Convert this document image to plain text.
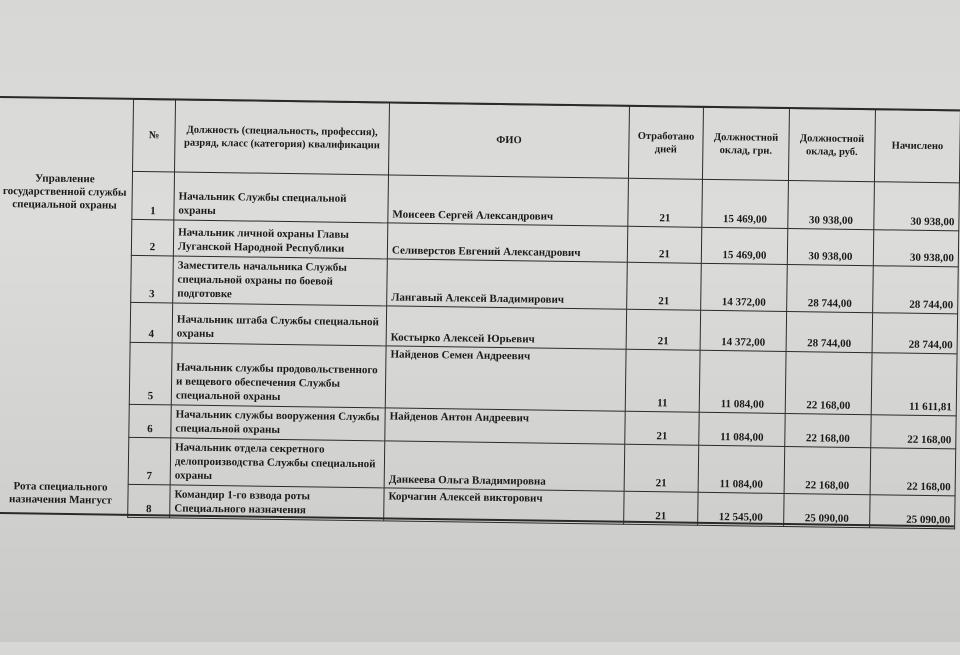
Управление государственной службы специальной охраны
Рота специального назначения Мангуст
№	Должность (специальность, профессия), разряд, класс (категория) квалификации	ФИО	Отработано дней	Должностной оклад, грн.	Должностной оклад, руб.	Начислено
1	Начальник Службы специальной охраны	Моисеев Сергей Александрович	21	15 469,00	30 938,00	30 938,00
2	Начальник личной охраны Главы Луганской Народной Республики	Селиверстов Евгений Александрович	21	15 469,00	30 938,00	30 938,00
3	Заместитель начальника Службы специальной охраны по боевой подготовке	Лангавый Алексей Владимирович	21	14 372,00	28 744,00	28 744,00
4	Начальник штаба Службы специальной охраны	Костырко Алексей Юрьевич	21	14 372,00	28 744,00	28 744,00
5	Начальник службы продовольственного и вещевого обеспечения Службы специальной охраны	Найденов Семен Андреевич	11	11 084,00	22 168,00	11 611,81
6	Начальник службы вооружения Службы специальной охраны	Найденов Антон Андреевич	21	11 084,00	22 168,00	22 168,00
7	Начальник отдела секретного делопроизводства Службы специальной охраны	Данкеева Ольга Владимировна	21	11 084,00	22 168,00	22 168,00
8	Командир 1-го взвода роты Специального назначения	Корчагин Алексей викторович	21	12 545,00	25 090,00	25 090,00
